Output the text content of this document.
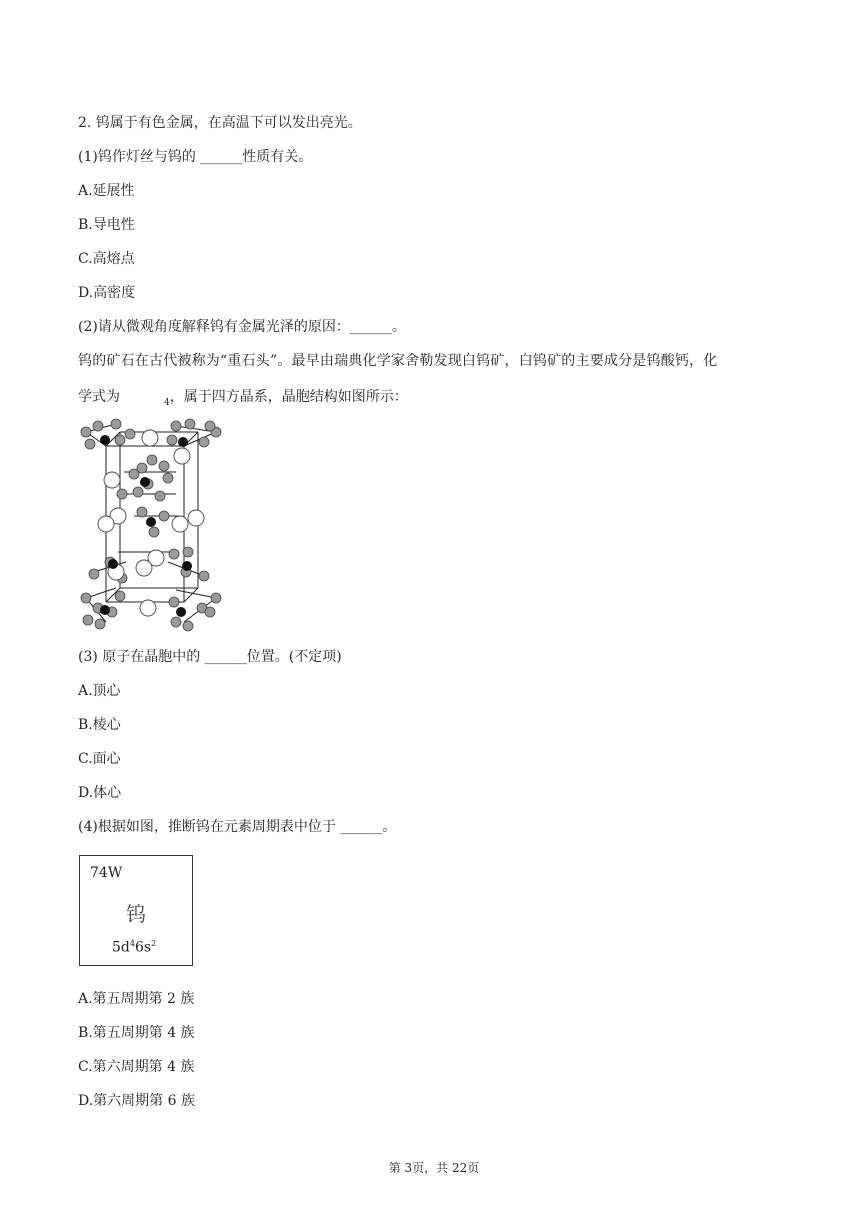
2. 钨属于有色金属，在高温下可以发出亮光。
(1)钨作灯丝与钨的 ______性质有关。
A.延展性
B.导电性
C.高熔点
D.高密度
(2)请从微观角度解释钨有金属光泽的原因：______。
钨的矿石在古代被称为“重石头”。最早由瑞典化学家舍勒发现白钨矿，白钨矿的主要成分是钨酸钙，化
学式为	$_4$，属于四方晶系，晶胞结构如图所示：
(3) 原子在晶胞中的 ______位置。(不定项)
A.顶心
B.棱心
C.面心
D.体心
(4)根据如图，推断钨在元素周期表中位于 ______。
74W
钨
$5d^46s^2$
A.第五周期第 2 族
B.第五周期第 4 族
C.第六周期第 4 族
D.第六周期第 6 族
第 3页，共 22页
